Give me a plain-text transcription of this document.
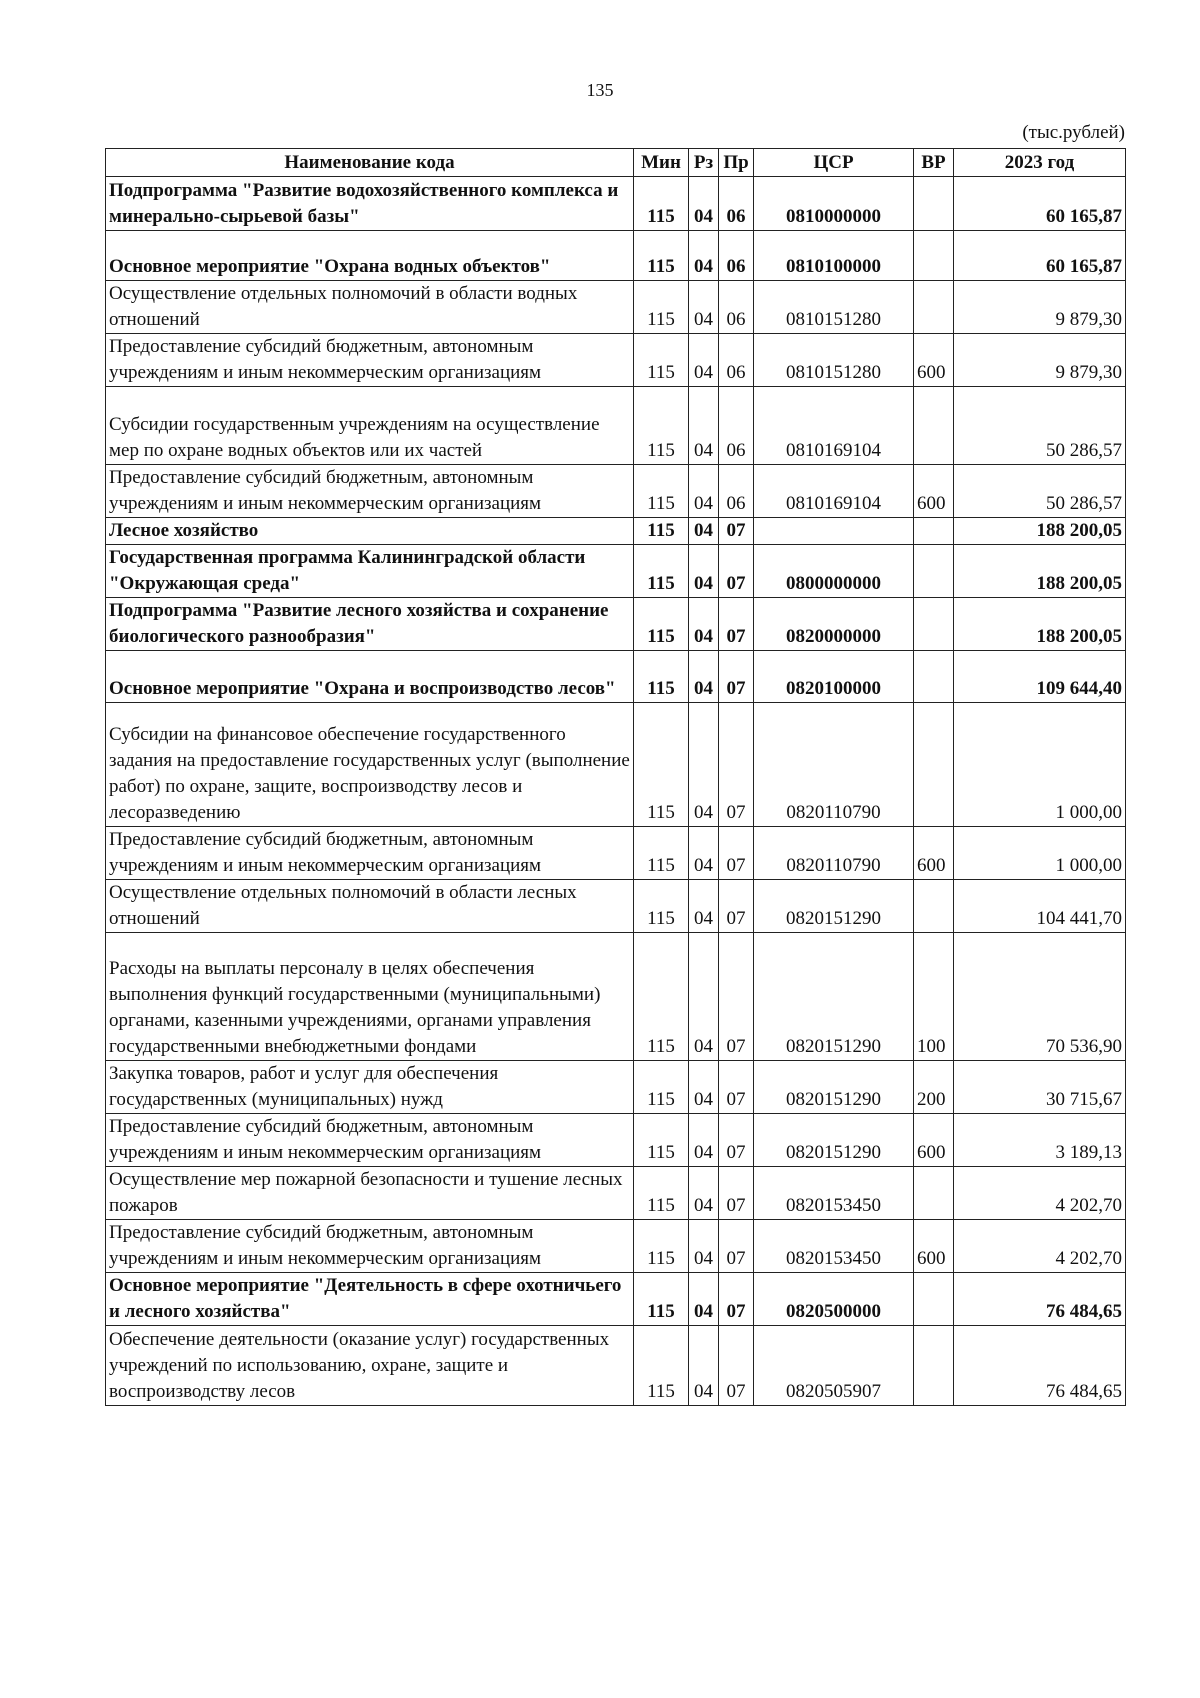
135
(тыс.рублей)
Наименование кода	Мин	Рз	Пр	ЦСР	ВР	2023 год
Подпрограмма "Развитие водохозяйственного комплекса и минерально-сырьевой базы"	115	04	06	0810000000		60 165,87
Основное мероприятие "Охрана водных объектов"	115	04	06	0810100000		60 165,87
Осуществление отдельных полномочий в области водных отношений	115	04	06	0810151280		9 879,30
Предоставление субсидий бюджетным, автономным учреждениям и иным некоммерческим организациям	115	04	06	0810151280	600	9 879,30
Субсидии государственным учреждениям на осуществление мер по охране водных объектов или их частей	115	04	06	0810169104		50 286,57
Предоставление субсидий бюджетным, автономным учреждениям и иным некоммерческим организациям	115	04	06	0810169104	600	50 286,57
Лесное хозяйство	115	04	07			188 200,05
Государственная программа Калининградской области "Окружающая среда"	115	04	07	0800000000		188 200,05
Подпрограмма "Развитие лесного хозяйства и сохранение биологического разнообразия"	115	04	07	0820000000		188 200,05
Основное мероприятие "Охрана и воспроизводство лесов"	115	04	07	0820100000		109 644,40
Субсидии на финансовое обеспечение государственного задания на предоставление государственных услуг (выполнение работ) по охране, защите, воспроизводству лесов и лесоразведению	115	04	07	0820110790		1 000,00
Предоставление субсидий бюджетным, автономным учреждениям и иным некоммерческим организациям	115	04	07	0820110790	600	1 000,00
Осуществление отдельных полномочий в области лесных отношений	115	04	07	0820151290		104 441,70
Расходы на выплаты персоналу в целях обеспечения выполнения функций государственными (муниципальными) органами, казенными учреждениями, органами управления государственными внебюджетными фондами	115	04	07	0820151290	100	70 536,90
Закупка товаров, работ и услуг для обеспечения государственных (муниципальных) нужд	115	04	07	0820151290	200	30 715,67
Предоставление субсидий бюджетным, автономным учреждениям и иным некоммерческим организациям	115	04	07	0820151290	600	3 189,13
Осуществление мер пожарной безопасности и тушение лесных пожаров	115	04	07	0820153450		4 202,70
Предоставление субсидий бюджетным, автономным учреждениям и иным некоммерческим организациям	115	04	07	0820153450	600	4 202,70
Основное мероприятие "Деятельность в сфере охотничьего и лесного хозяйства"	115	04	07	0820500000		76 484,65
Обеспечение деятельности (оказание услуг) государственных учреждений по использованию, охране, защите и воспроизводству лесов	115	04	07	0820505907		76 484,65
